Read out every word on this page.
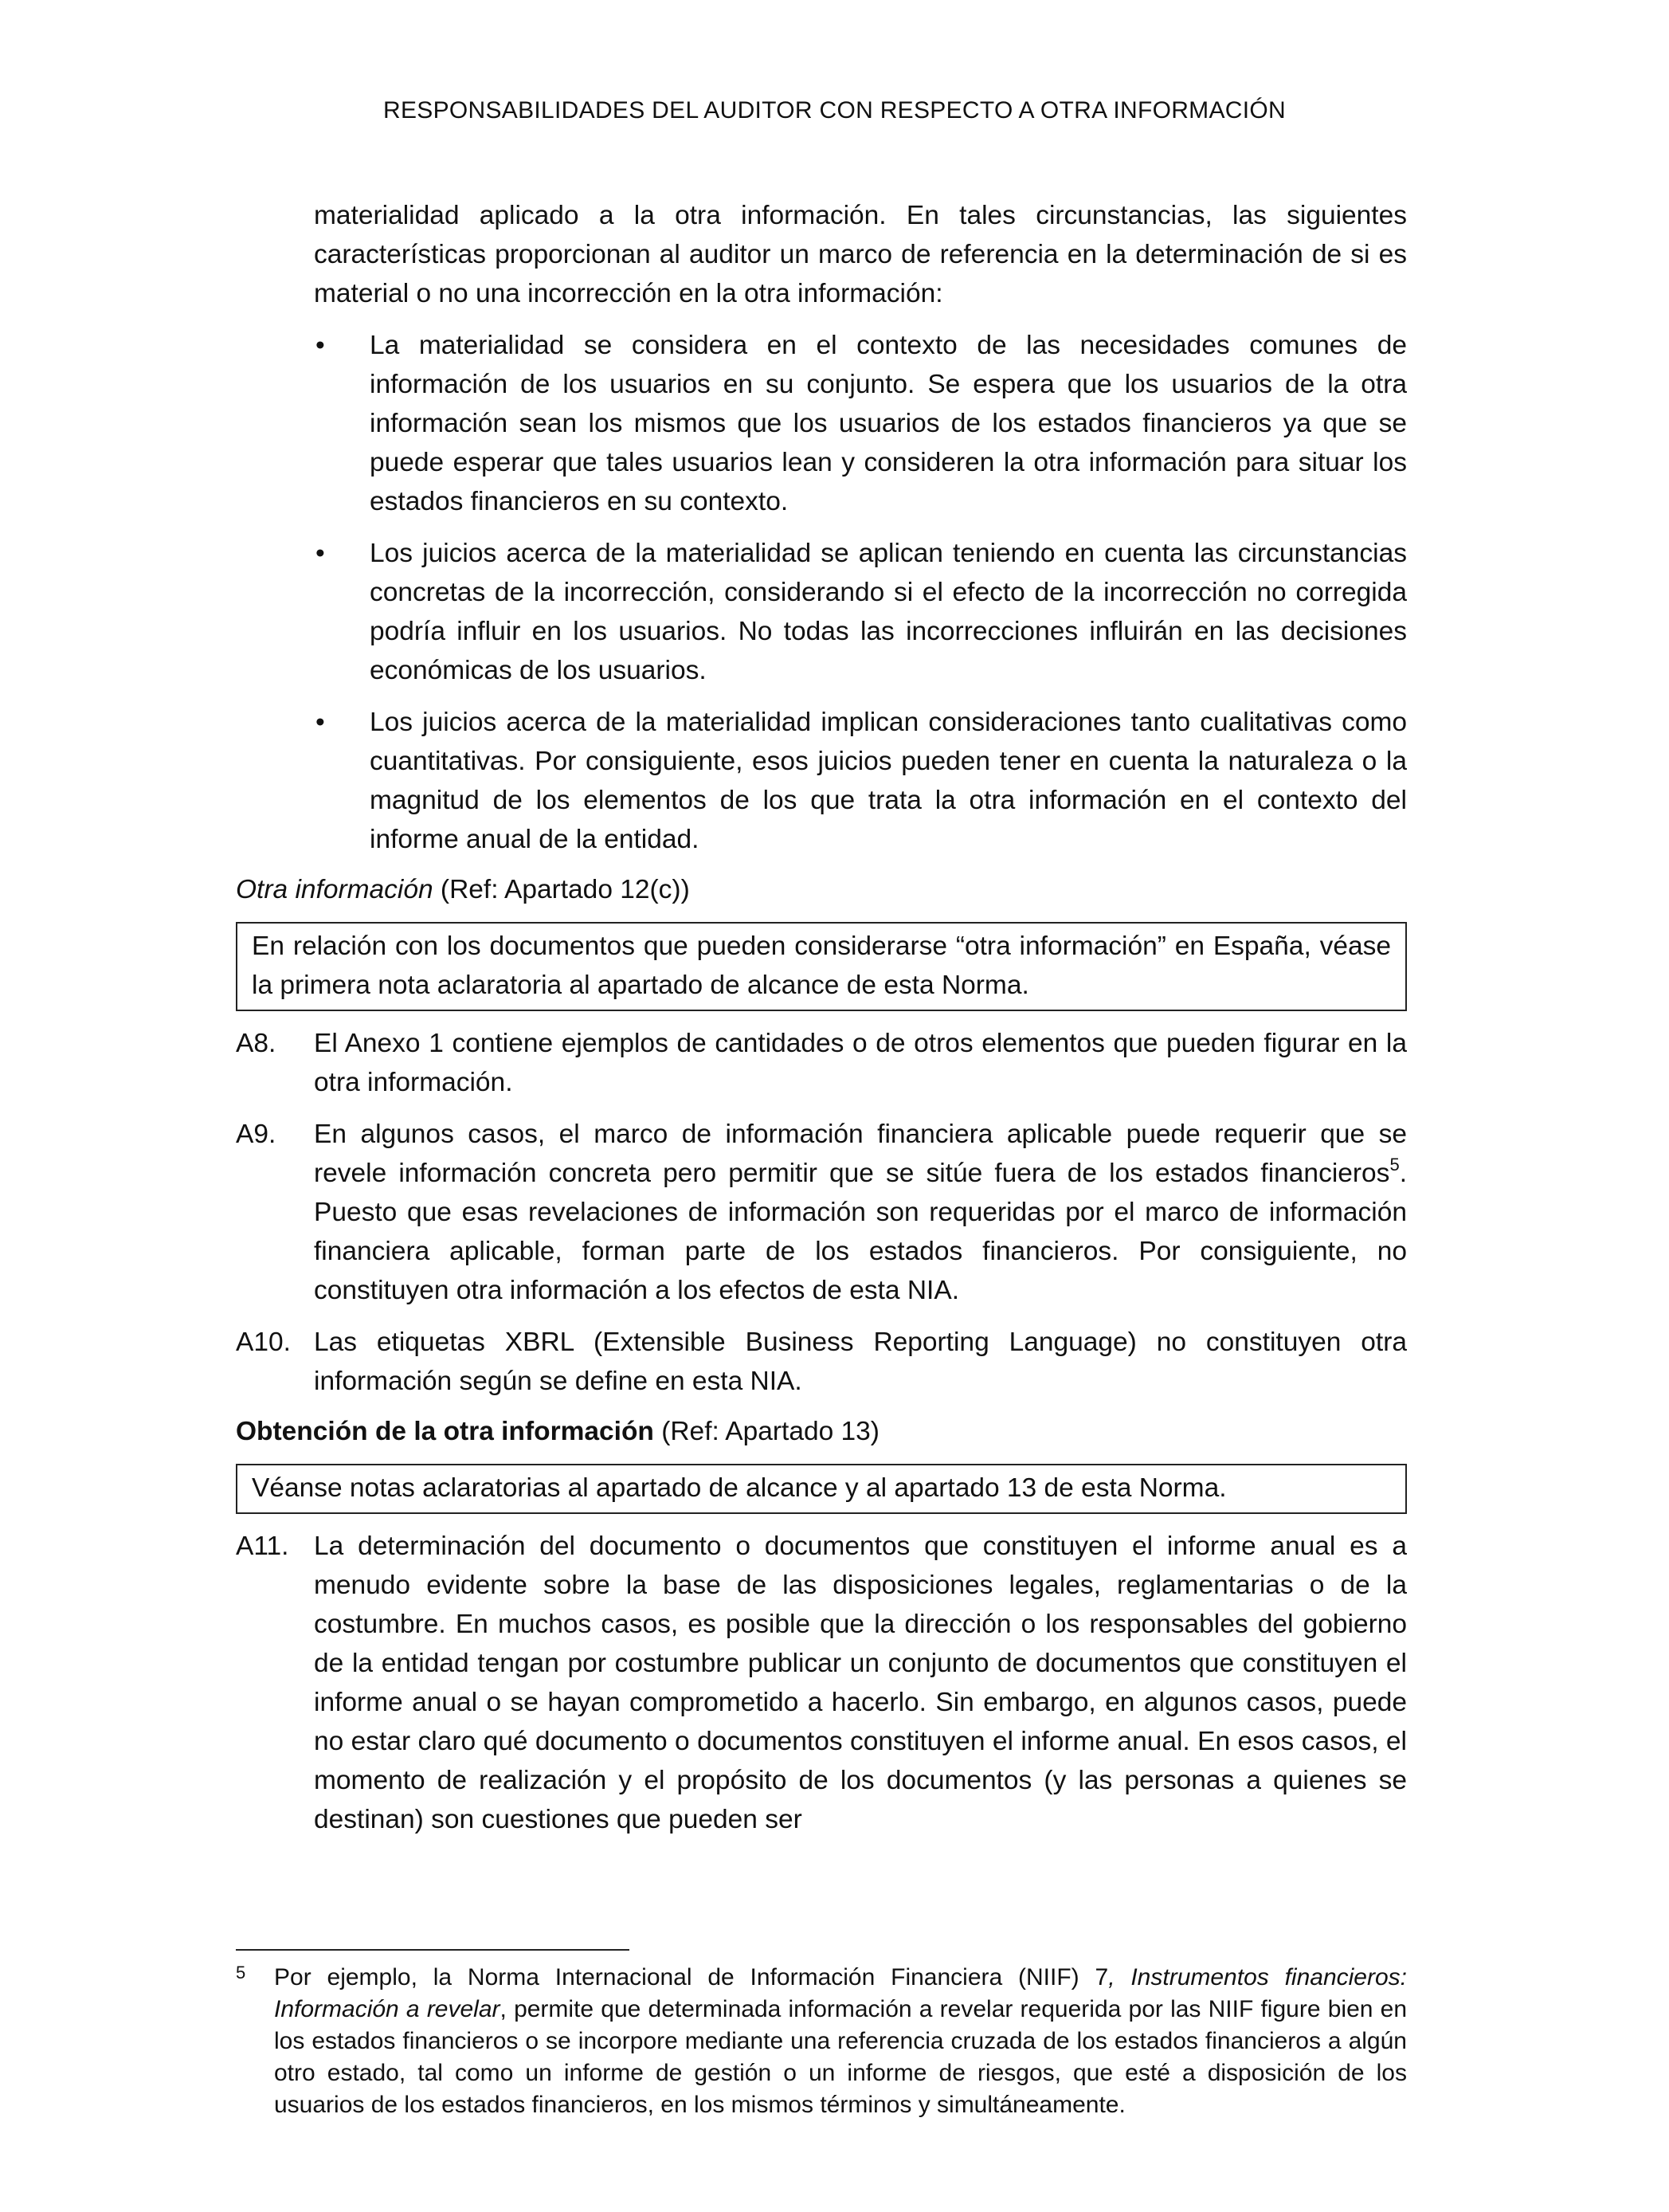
RESPONSABILIDADES DEL AUDITOR CON RESPECTO A OTRA INFORMACIÓN
materialidad aplicado a la otra información. En tales circunstancias, las siguientes características proporcionan al auditor un marco de referencia en la determinación de si es material o no una incorrección en la otra información:
•	La materialidad se considera en el contexto de las necesidades comunes de información de los usuarios en su conjunto. Se espera que los usuarios de la otra información sean los mismos que los usuarios de los estados financieros ya que se puede esperar que tales usuarios lean y consideren la otra información para situar los estados financieros en su contexto.
•	Los juicios acerca de la materialidad se aplican teniendo en cuenta las circunstancias concretas de la incorrección, considerando si el efecto de la incorrección no corregida podría influir en los usuarios. No todas las incorrecciones influirán en las decisiones económicas de los usuarios.
•	Los juicios acerca de la materialidad implican consideraciones tanto cualitativas como cuantitativas. Por consiguiente, esos juicios pueden tener en cuenta la naturaleza o la magnitud de los elementos de los que trata la otra información en el contexto del informe anual de la entidad.
Otra información (Ref: Apartado 12(c))
En relación con los documentos que pueden considerarse “otra información” en España, véase la primera nota aclaratoria al apartado de alcance de esta Norma.
A8.	El Anexo 1 contiene ejemplos de cantidades o de otros elementos que pueden figurar en la otra información.
A9.	En algunos casos, el marco de información financiera aplicable puede requerir que se revele información concreta pero permitir que se sitúe fuera de los estados financieros$^5$. Puesto que esas revelaciones de información son requeridas por el marco de información financiera aplicable, forman parte de los estados financieros. Por consiguiente, no constituyen otra información a los efectos de esta NIA.
A10. Las etiquetas XBRL (Extensible Business Reporting Language) no constituyen otra información según se define en esta NIA.
Obtención de la otra información (Ref: Apartado 13)
Véanse notas aclaratorias al apartado de alcance y al apartado 13 de esta Norma.
A11. La determinación del documento o documentos que constituyen el informe anual es a menudo evidente sobre la base de las disposiciones legales, reglamentarias o de la costumbre. En muchos casos, es posible que la dirección o los responsables del gobierno de la entidad tengan por costumbre publicar un conjunto de documentos que constituyen el informe anual o se hayan comprometido a hacerlo. Sin embargo, en algunos casos, puede no estar claro qué documento o documentos constituyen el informe anual. En esos casos, el momento de realización y el propósito de los documentos (y las personas a quienes se destinan) son cuestiones que pueden ser
5	Por ejemplo, la Norma Internacional de Información Financiera (NIIF) 7, Instrumentos financieros: Información a revelar, permite que determinada información a revelar requerida por las NIIF figure bien en los estados financieros o se incorpore mediante una referencia cruzada de los estados financieros a algún otro estado, tal como un informe de gestión o un informe de riesgos, que esté a disposición de los usuarios de los estados financieros, en los mismos términos y simultáneamente.
